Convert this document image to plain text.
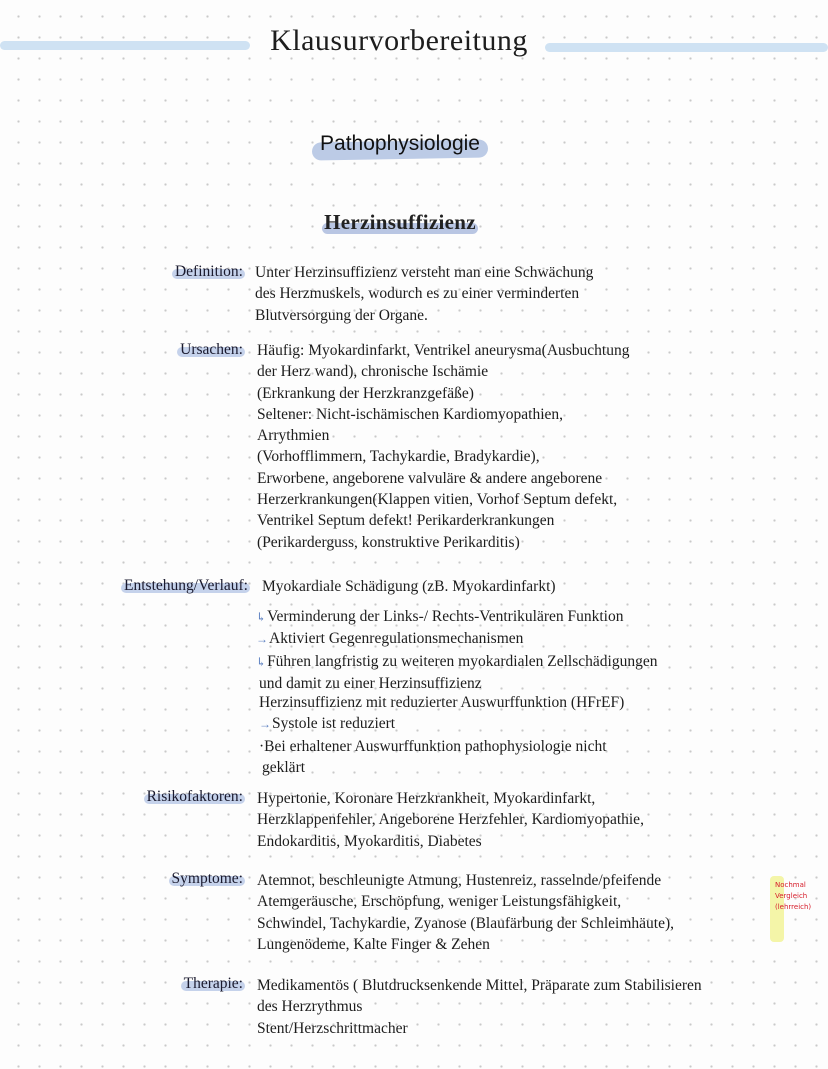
Klausurvorbereitung
Pathophysiologie
Herzinsuffizienz
Definition: Unter Herzinsuffizienz versteht man eine Schwächung
des Herzmuskels, wodurch es zu einer verminderten
Blutversorgung der Organe.
Ursachen: Häufig: Myokardinfarkt, Ventrikel aneurysma(Ausbuchtung
der Herz wand), chronische Ischämie
(Erkrankung der Herzkranzgefäße)
Seltener: Nicht-ischämischen Kardiomyopathien,
Arrythmien
(Vorhofflimmern, Tachykardie, Bradykardie),
Erworbene, angeborene valvuläre & andere angeborene
Herzerkrankungen(Klappen vitien, Vorhof Septum defekt,
Ventrikel Septum defekt! Perikarderkrankungen
(Perikarderguss, konstruktive Perikarditis)
Entstehung/Verlauf: Myokardiale Schädigung (zB. Myokardinfarkt)
↳Verminderung der Links-/ Rechts-Ventrikulären Funktion
→Aktiviert Gegenregulationsmechanismen
↳Führen langfristig zu weiteren myokardialen Zellschädigungen
und damit zu einer Herzinsuffizienz
Herzinsuffizienz mit reduzierter Auswurffunktion (HFrEF)
→Systole ist reduziert
·Bei erhaltener Auswurffunktion pathophysiologie nicht
geklärt
Risikofaktoren: Hypertonie, Koronare Herzkrankheit, Myokardinfarkt,
Herzklappenfehler, Angeborene Herzfehler, Kardiomyopathie,
Endokarditis, Myokarditis, Diabetes
Symptome: Atemnot, beschleunigte Atmung, Hustenreiz, rasselnde/pfeifende
Atemgeräusche, Erschöpfung, weniger Leistungsfähigkeit,
Schwindel, Tachykardie, Zyanose (Blaufärbung der Schleimhäute),
Lungenödeme, Kalte Finger & Zehen
Therapie: Medikamentös ( Blutdrucksenkende Mittel, Präparate zum Stabilisieren
des Herzrythmus
Stent/Herzschrittmacher
Nochmal
Vergleich
(lehrreich)
